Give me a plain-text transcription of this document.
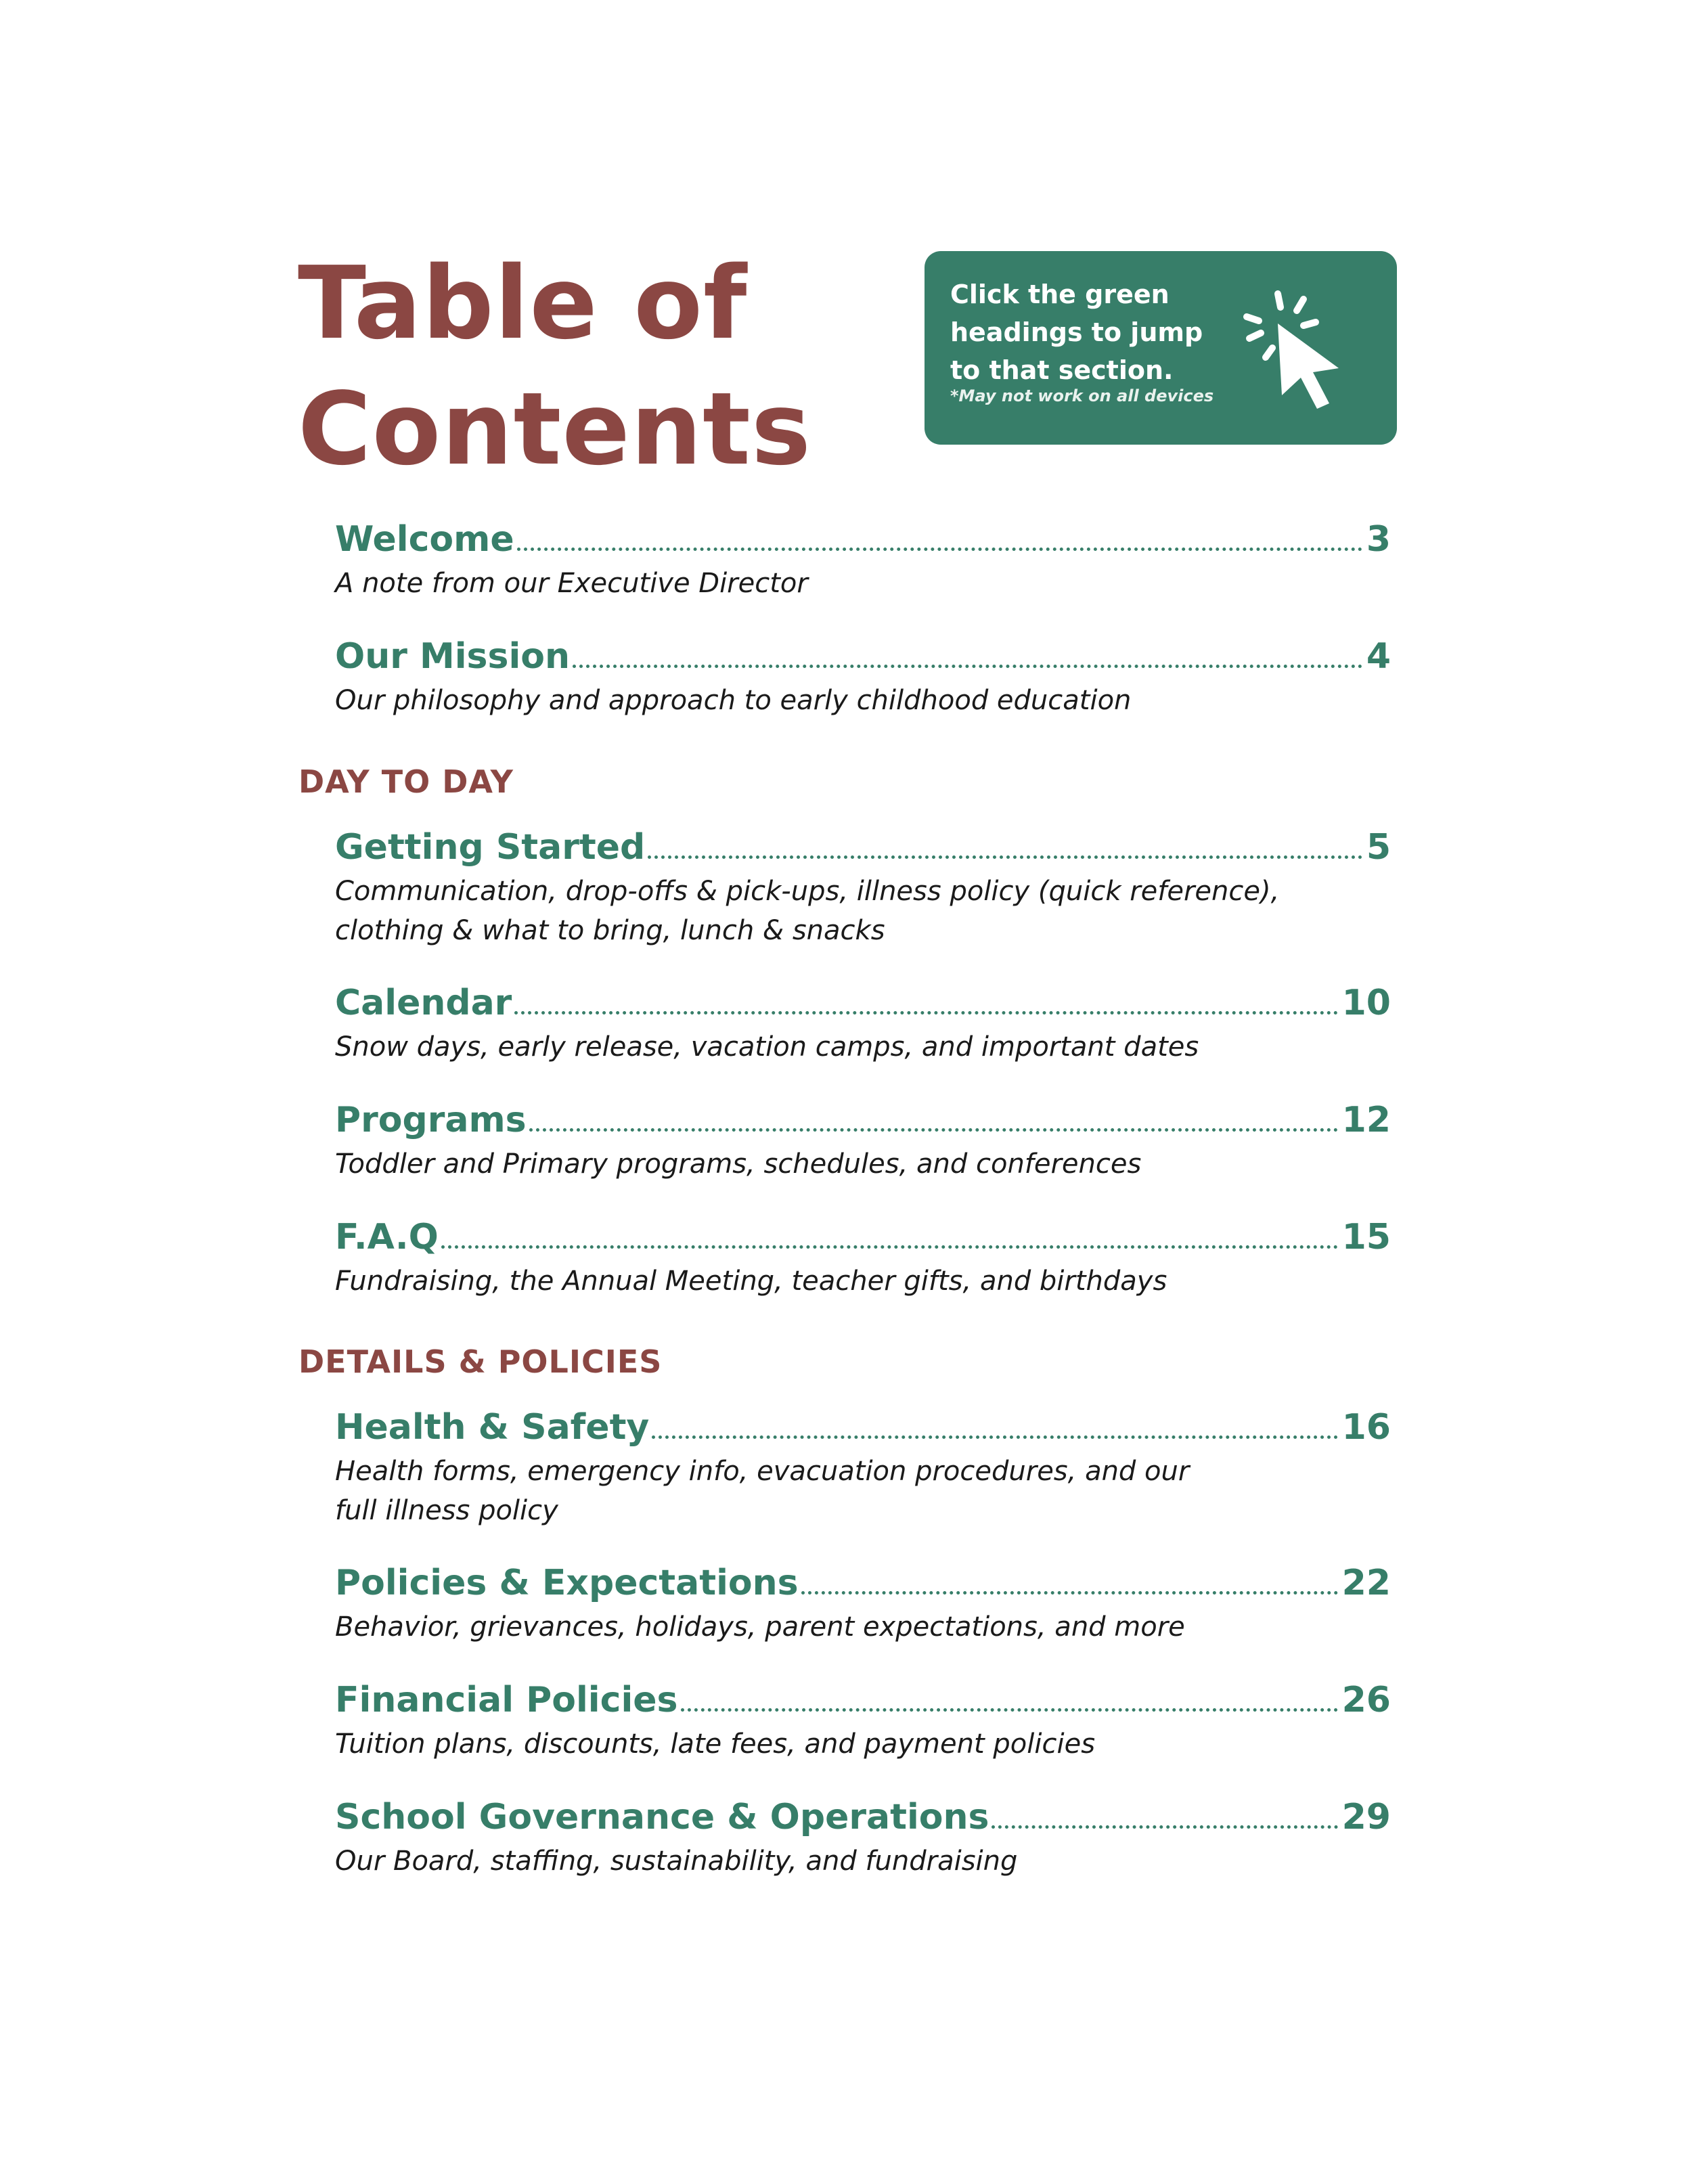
Table of
Contents
Click the green
headings to jump
to that section.
*May not work on all devices
Welcome	3
A note from our Executive Director
Our Mission	4
Our philosophy and approach to early childhood education
DAY TO DAY
Getting Started	5
Communication, drop-offs & pick-ups, illness policy (quick reference),
clothing & what to bring, lunch & snacks
Calendar	10
Snow days, early release, vacation camps, and important dates
Programs	12
Toddler and Primary programs, schedules, and conferences
F.A.Q	15
Fundraising, the Annual Meeting, teacher gifts, and birthdays
DETAILS & POLICIES
Health & Safety	16
Health forms, emergency info, evacuation procedures, and our
full illness policy
Policies & Expectations	22
Behavior, grievances, holidays, parent expectations, and more
Financial Policies	26
Tuition plans, discounts, late fees, and payment policies
School Governance & Operations	29
Our Board, staffing, sustainability, and fundraising
